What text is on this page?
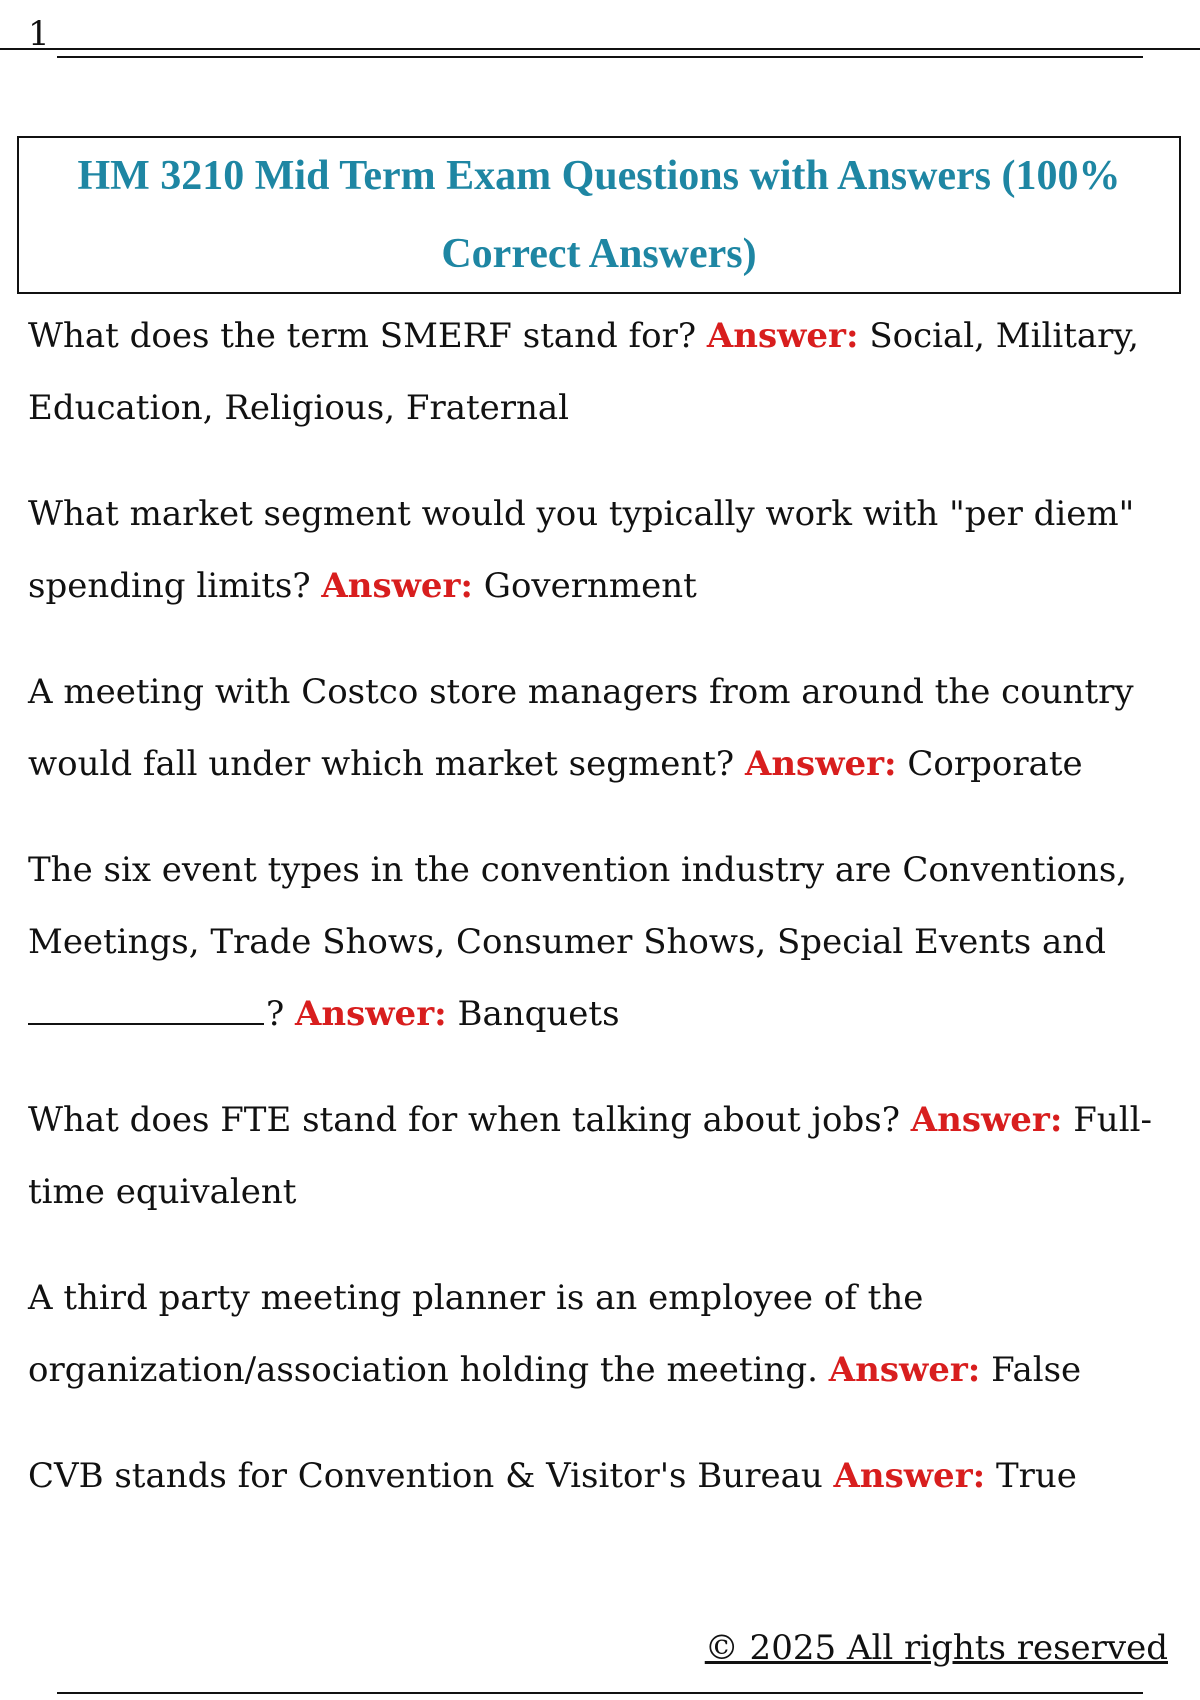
1
HM 3210 Mid Term Exam Questions with Answers (100% Correct Answers)

What does the term SMERF stand for? Answer: Social, Military, Education, Religious, Fraternal

What market segment would you typically work with "per diem" spending limits? Answer: Government

A meeting with Costco store managers from around the country would fall under which market segment? Answer: Corporate

The six event types in the convention industry are Conventions, Meetings, Trade Shows, Consumer Shows, Special Events and ? Answer: Banquets

What does FTE stand for when talking about jobs? Answer: Full-time equivalent

A third party meeting planner is an employee of the organization/association holding the meeting. Answer: False

CVB stands for Convention & Visitor's Bureau Answer: True

© 2025 All rights reserved
